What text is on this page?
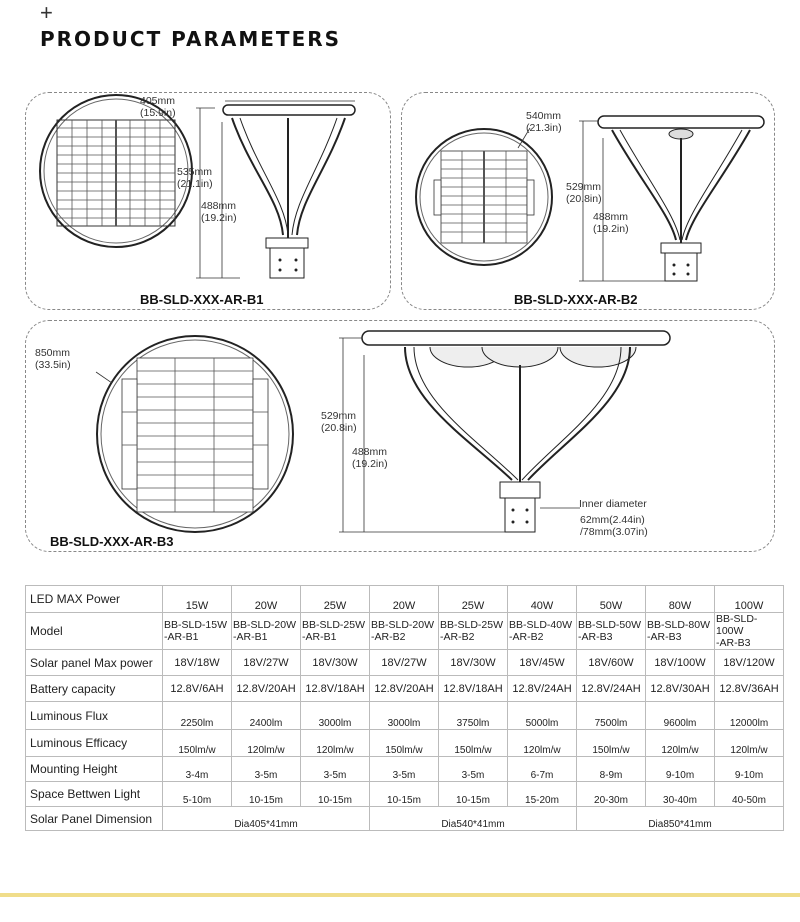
+
PRODUCT PARAMETERS
405mm
(15.9in)
535mm
(21.1in)
488mm
(19.2in)
BB-SLD-XXX-AR-B1
540mm
(21.3in)
529mm
(20.8in)
488mm
(19.2in)
BB-SLD-XXX-AR-B2
850mm
(33.5in)
529mm
(20.8in)
488mm
(19.2in)
Inner diameter
62mm(2.44in)
/78mm(3.07in)
BB-SLD-XXX-AR-B3
LED MAX Power	15W	20W	25W	20W	25W	40W	50W	80W	100W
Model	BB-SLD-15W
-AR-B1	BB-SLD-20W
-AR-B1	BB-SLD-25W
-AR-B1	BB-SLD-20W
-AR-B2	BB-SLD-25W
-AR-B2	BB-SLD-40W
-AR-B2	BB-SLD-50W
-AR-B3	BB-SLD-80W
-AR-B3	BB-SLD-100W
-AR-B3
Solar panel Max power	18V/18W	18V/27W	18V/30W	18V/27W	18V/30W	18V/45W	18V/60W	18V/100W	18V/120W
Battery capacity	12.8V/6AH	12.8V/20AH	12.8V/18AH	12.8V/20AH	12.8V/18AH	12.8V/24AH	12.8V/24AH	12.8V/30AH	12.8V/36AH
Luminous Flux	2250lm	2400lm	3000lm	3000lm	3750lm	5000lm	7500lm	9600lm	12000lm
Luminous Efficacy	150lm/w	120lm/w	120lm/w	150lm/w	150lm/w	120lm/w	150lm/w	120lm/w	120lm/w
Mounting Height	3-4m	3-5m	3-5m	3-5m	3-5m	6-7m	8-9m	9-10m	9-10m
Space Bettwen Light	5-10m	10-15m	10-15m	10-15m	10-15m	15-20m	20-30m	30-40m	40-50m
Solar Panel Dimension	Dia405*41mm			Dia540*41mm			Dia850*41mm		
